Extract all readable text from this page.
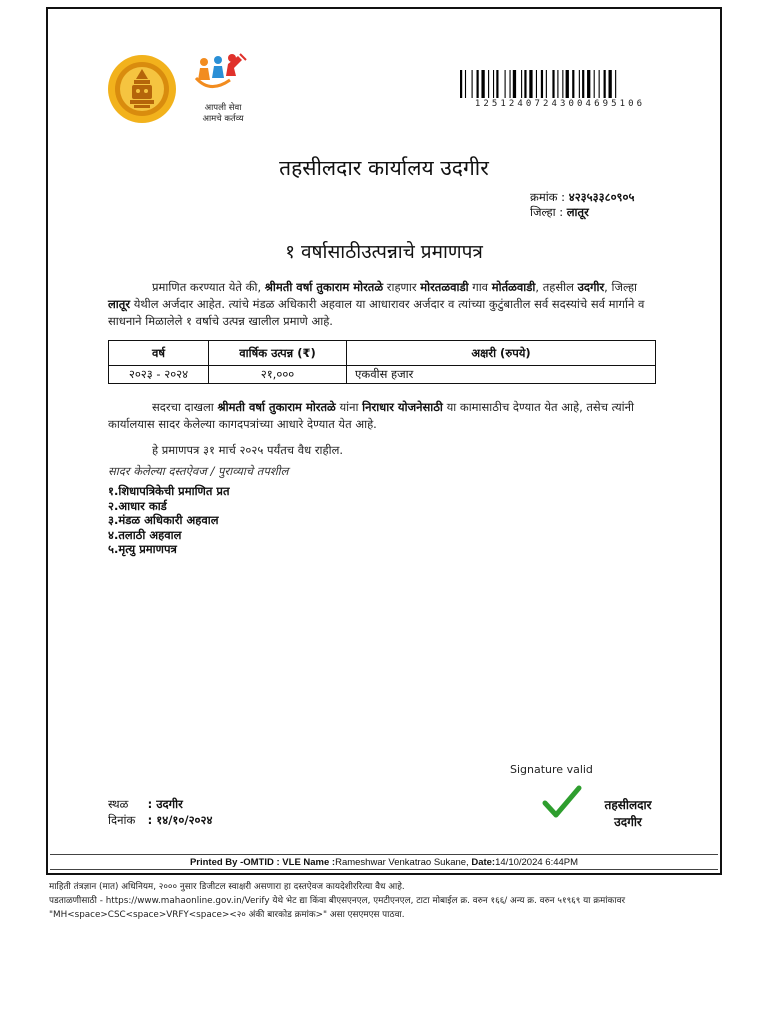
आपली सेवा
आमचे कर्तव्य
1251240724300469510​6
तहसीलदार कार्यालय उदगीर
क्रमांक : ४२३५३३८०९०५
जिल्हा : लातूर
१ वर्षासाठीउत्पन्नाचे प्रमाणपत्र
प्रमाणित करण्यात येते की, श्रीमती वर्षा तुकाराम मोरतळे राहणार मोरतळवाडी गाव मोर्तळवाडी, तहसील उदगीर, जिल्हा लातूर येथील अर्जदार आहेत. त्यांचे मंडळ अधिकारी अहवाल या आधारावर अर्जदार व त्यांच्या कुटुंबातील सर्व सदस्यांचे सर्व मार्गाने व साधनाने मिळालेले १ वर्षाचे उत्पन्न खालील प्रमाणे आहे.
वर्ष	वार्षिक उत्पन्न (₹)	अक्षरी (रुपये)
२०२३ - २०२४	२१,०००	एकवीस हजार
सदरचा दाखला श्रीमती वर्षा तुकाराम मोरतळे यांना निराधार योजनेसाठी या कामासाठीच देण्यात येत आहे, तसेच त्यांनी कार्यालयास सादर केलेल्या कागदपत्रांच्या आधारे देण्यात येत आहे.
हे प्रमाणपत्र ३१ मार्च २०२५ पर्यंतच वैध राहील.
सादर केलेल्या दस्तऐवज / पुराव्याचे तपशील
१.शिधापत्रिकेची प्रमाणित प्रत
२.आधार कार्ड
३.मंडळ अधिकारी अहवाल
४.तलाठी अहवाल
५.मृत्यु प्रमाणपत्र
Signature valid
तहसीलदार
उदगीर
स्थळ : उदगीर
दिनांक : १४/१०/२०२४
Printed By -OMTID : VLE Name :Rameshwar Venkatrao Sukane, Date:14/10/2024 6:44PM
माहिती तंत्रज्ञान (मात) अधिनियम, २००० नुसार डिजीटल स्वाक्षरी असणारा हा दस्तऐवज कायदेशीररित्या वैध आहे.
पडताळणीसाठी - https://www.mahaonline.gov.in/Verify येथे भेट द्या किंवा बीएसएनएल, एमटीएनएल, टाटा मोबाईल क्र. वरुन १६६/ अन्य क्र. वरुन ५१९६९ या क्रमांकावर
"MH<space>CSC<space>VRFY<space><२० अंकी बारकोड क्रमांक>" असा एसएमएस पाठवा.
